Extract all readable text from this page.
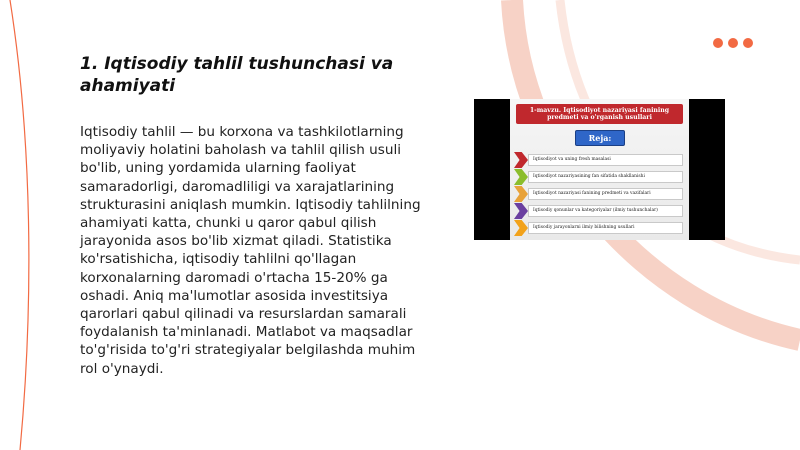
1. Iqtisodiy tahlil tushunchasi va ahamiyati

Iqtisodiy tahlil — bu korxona va tashkilotlarning moliyaviy holatini baholash va tahlil qilish usuli bo'lib, uning yordamida ularning faoliyat samaradorligi, daromadliligi va xarajatlarining strukturasini aniqlash mumkin. Iqtisodiy tahlilning ahamiyati katta, chunki u qaror qabul qilish jarayonida asos bo'lib xizmat qiladi. Statistika ko'rsatishicha, iqtisodiy tahlilni qo'llagan korxonalarning daromadi o'rtacha 15-20% ga oshadi. Aniq ma'lumotlar asosida investitsiya qarorlari qabul qilinadi va resurslardan samarali foydalanish ta'minlanadi. Matlabot va maqsadlar to'g'risida to'g'ri strategiyalar belgilashda muhim rol o'ynaydi.

1-mavzu. Iqtisodiyot nazariyasi fanining predmeti va o'rganish usullari
Reja:
Iqtisodiyot va uning fresh masalasi
Iqtisodiyot nazariyasining fan sifatida shakllanishi
Iqtisodiyot nazariyasi fanining predmeti va vazifalari
Iqtisodiy qonunlar va kategoriyalar (ilmiy tushunchalar)
Iqtisodiy jarayonlarni ilmiy bilishning usullari
